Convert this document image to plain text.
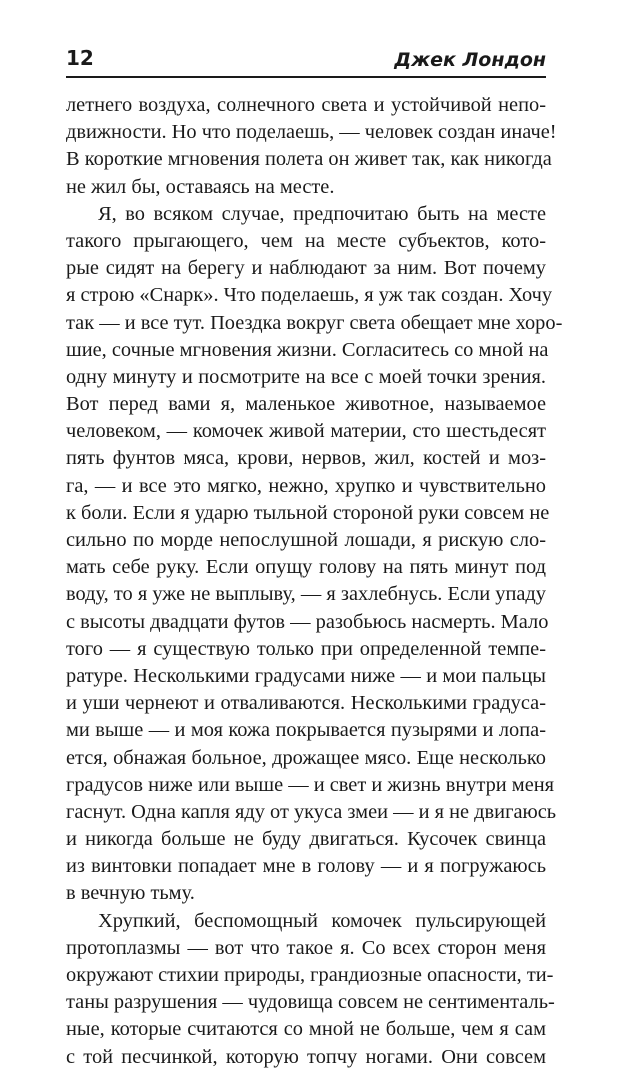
12	Джек Лондон
летнего воздуха, солнечного света и устойчивой непо-
движности. Но что поделаешь, — человек создан иначе!
В короткие мгновения полета он живет так, как никогда
не жил бы, оставаясь на месте.
Я, во всяком случае, предпочитаю быть на месте
такого прыгающего, чем на месте субъектов, кото-
рые сидят на берегу и наблюдают за ним. Вот почему
я строю «Снарк». Что поделаешь, я уж так создан. Хочу
так — и все тут. Поездка вокруг света обещает мне хоро-
шие, сочные мгновения жизни. Согласитесь со мной на
одну минуту и посмотрите на все с моей точки зрения.
Вот перед вами я, маленькое животное, называемое
человеком, — комочек живой материи, сто шестьдесят
пять фунтов мяса, крови, нервов, жил, костей и моз-
га, — и все это мягко, нежно, хрупко и чувствительно
к боли. Если я ударю тыльной стороной руки совсем не
сильно по морде непослушной лошади, я рискую сло-
мать себе руку. Если опущу голову на пять минут под
воду, то я уже не выплыву, — я захлебнусь. Если упаду
с высоты двадцати футов — разобьюсь насмерть. Мало
того — я существую только при определенной темпе-
ратуре. Несколькими градусами ниже — и мои пальцы
и уши чернеют и отваливаются. Несколькими градуса-
ми выше — и моя кожа покрывается пузырями и лопа-
ется, обнажая больное, дрожащее мясо. Еще несколько
градусов ниже или выше — и свет и жизнь внутри меня
гаснут. Одна капля яду от укуса змеи — и я не двигаюсь
и никогда больше не буду двигаться. Кусочек свинца
из винтовки попадает мне в голову — и я погружаюсь
в вечную тьму.
Хрупкий, беспомощный комочек пульсирующей
протоплазмы — вот что такое я. Со всех сторон меня
окружают стихии природы, грандиозные опасности, ти-
таны разрушения — чудовища совсем не сентименталь-
ные, которые считаются со мной не больше, чем я сам
с той песчинкой, которую топчу ногами. Они совсем
